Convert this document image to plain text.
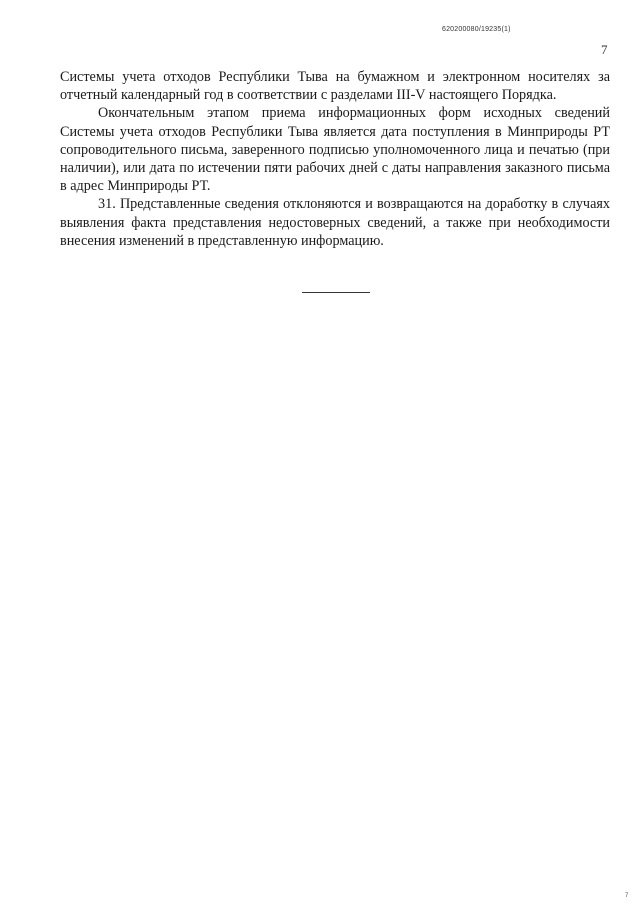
620200080/19235(1)
7

Системы учета отходов Республики Тыва на бумажном и электронном носителях за отчетный календарный год в соответствии с разделами III-V настоящего Порядка.

Окончательным этапом приема информационных форм исходных сведений Системы учета отходов Республики Тыва является дата поступления в Минприроды РТ сопроводительного письма, заверенного подписью уполномоченного лица и печатью (при наличии), или дата по истечении пяти рабочих дней с даты направления заказного письма в адрес Минприроды РТ.

31. Представленные сведения отклоняются и возвращаются на доработку в случаях выявления факта представления недостоверных сведений, а также при необходимости внесения изменений в представленную информацию.

7
